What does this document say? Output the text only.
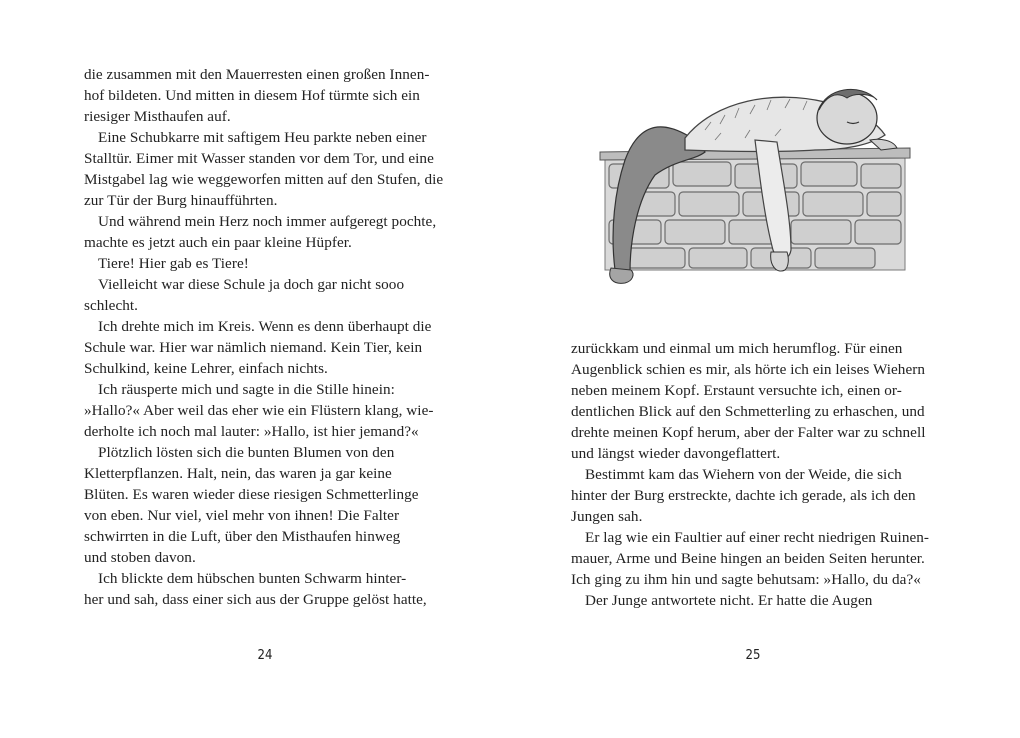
die zusammen mit den Mauerresten einen großen Innen-
hof bildeten. Und mitten in diesem Hof türmte sich ein
riesiger Misthaufen auf.
Eine Schubkarre mit saftigem Heu parkte neben einer
Stalltür. Eimer mit Wasser standen vor dem Tor, und eine
Mistgabel lag wie weggeworfen mitten auf den Stufen, die
zur Tür der Burg hinaufführten.
Und während mein Herz noch immer aufgeregt pochte,
machte es jetzt auch ein paar kleine Hüpfer.
Tiere! Hier gab es Tiere!
Vielleicht war diese Schule ja doch gar nicht sooo
schlecht.
Ich drehte mich im Kreis. Wenn es denn überhaupt die
Schule war. Hier war nämlich niemand. Kein Tier, kein
Schulkind, keine Lehrer, einfach nichts.
Ich räusperte mich und sagte in die Stille hinein:
»Hallo?« Aber weil das eher wie ein Flüstern klang, wie-
derholte ich noch mal lauter: »Hallo, ist hier jemand?«
Plötzlich lösten sich die bunten Blumen von den
Kletterpflanzen. Halt, nein, das waren ja gar keine
Blüten. Es waren wieder diese riesigen Schmetterlinge
von eben. Nur viel, viel mehr von ihnen! Die Falter
schwirrten in die Luft, über den Misthaufen hinweg
und stoben davon.
Ich blickte dem hübschen bunten Schwarm hinter-
her und sah, dass einer sich aus der Gruppe gelöst hatte,
24
zurückkam und einmal um mich herumflog. Für einen
Augenblick schien es mir, als hörte ich ein leises Wiehern
neben meinem Kopf. Erstaunt versuchte ich, einen or-
dentlichen Blick auf den Schmetterling zu erhaschen, und
drehte meinen Kopf herum, aber der Falter war zu schnell
und längst wieder davongeflattert.
Bestimmt kam das Wiehern von der Weide, die sich
hinter der Burg erstreckte, dachte ich gerade, als ich den
Jungen sah.
Er lag wie ein Faultier auf einer recht niedrigen Ruinen-
mauer, Arme und Beine hingen an beiden Seiten herunter.
Ich ging zu ihm hin und sagte behutsam: »Hallo, du da?«
Der Junge antwortete nicht. Er hatte die Augen
25
